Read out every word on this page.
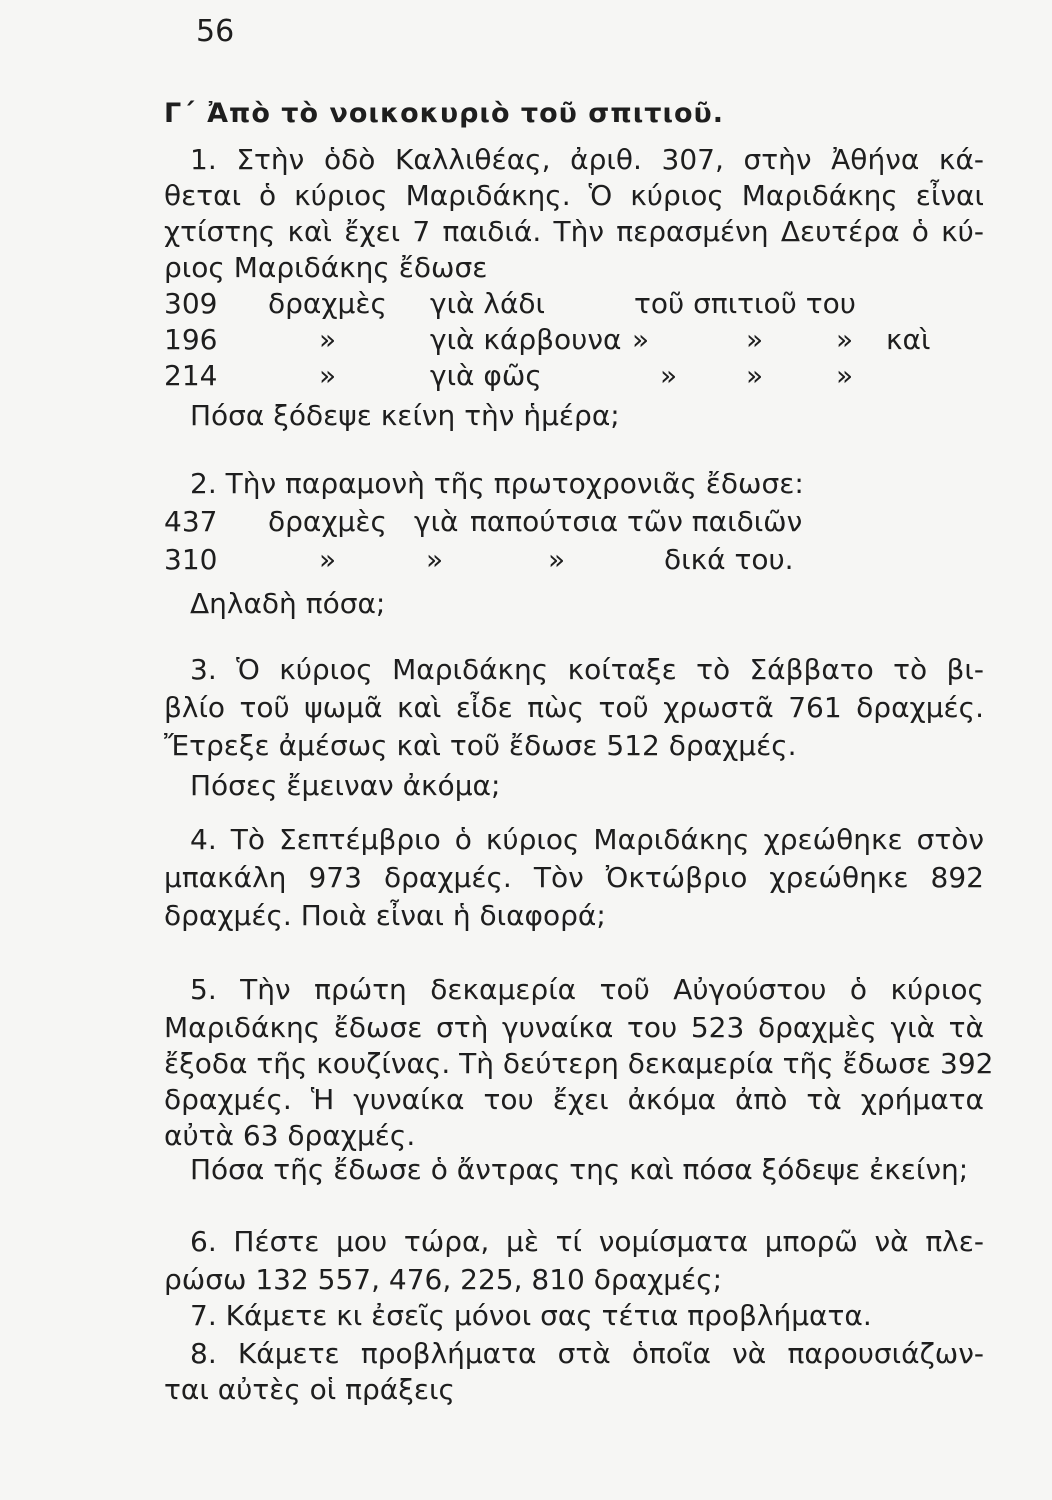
56
Γ´ Ἀπὸ τὸ νοικοκυριὸ τοῦ σπιτιοῦ.
1. Στὴν ὁδὸ Καλλιθέας, ἀριθ. 307, στὴν Ἀθήνα κά-
θεται ὁ κύριος Μαριδάκης. Ὁ κύριος Μαριδάκης εἶναι
χτίστης καὶ ἔχει 7 παιδιά. Τὴν περασμένη Δευτέρα ὁ κύ-
ριος Μαριδάκης ἔδωσε
309 δραχμὲς γιὰ λάδι	τοῦ σπιτιοῦ του
196	»	γιὰ κάρβουνα »	»	» καὶ
214	»	γιὰ φῶς	» »	»
Πόσα ξόδεψε κείνη τὴν ἡμέρα;
2. Τὴν παραμονὴ τῆς πρωτοχρονιᾶς ἔδωσε:
437 δραχμὲς γιὰ παπούτσια τῶν παιδιῶν
310	»	»	»	δικά του.
Δηλαδὴ πόσα;
3. Ὁ κύριος Μαριδάκης κοίταξε τὸ Σάββατο τὸ βι-
βλίο τοῦ ψωμᾶ καὶ εἶδε πὼς τοῦ χρωστᾶ 761 δραχμές.
Ἔτρεξε ἀμέσως καὶ τοῦ ἔδωσε 512 δραχμές.
Πόσες ἔμειναν ἀκόμα;
4. Τὸ Σεπτέμβριο ὁ κύριος Μαριδάκης χρεώθηκε στὸν
μπακάλη 973 δραχμές. Τὸν Ὀκτώβριο χρεώθηκε 892
δραχμές. Ποιὰ εἶναι ἡ διαφορά;
5. Τὴν πρώτη δεκαμερία τοῦ Αὐγούστου ὁ κύριος
Μαριδάκης ἔδωσε στὴ γυναίκα του 523 δραχμὲς γιὰ τὰ
ἔξοδα τῆς κουζίνας. Τὴ δεύτερη δεκαμερία τῆς ἔδωσε 392
δραχμές. Ἡ γυναίκα του ἔχει ἀκόμα ἀπὸ τὰ χρήματα
αὐτὰ 63 δραχμές.
Πόσα τῆς ἔδωσε ὁ ἄντρας της καὶ πόσα ξόδεψε ἐκείνη;
6. Πέστε μου τώρα, μὲ τί νομίσματα μπορῶ νὰ πλε-
ρώσω 132 557, 476, 225, 810 δραχμές;
7. Κάμετε κι ἐσεῖς μόνοι σας τέτια προβλήματα.
8. Κάμετε προβλήματα στὰ ὁποῖα νὰ παρουσιάζων-
ται αὐτὲς οἱ πράξεις
